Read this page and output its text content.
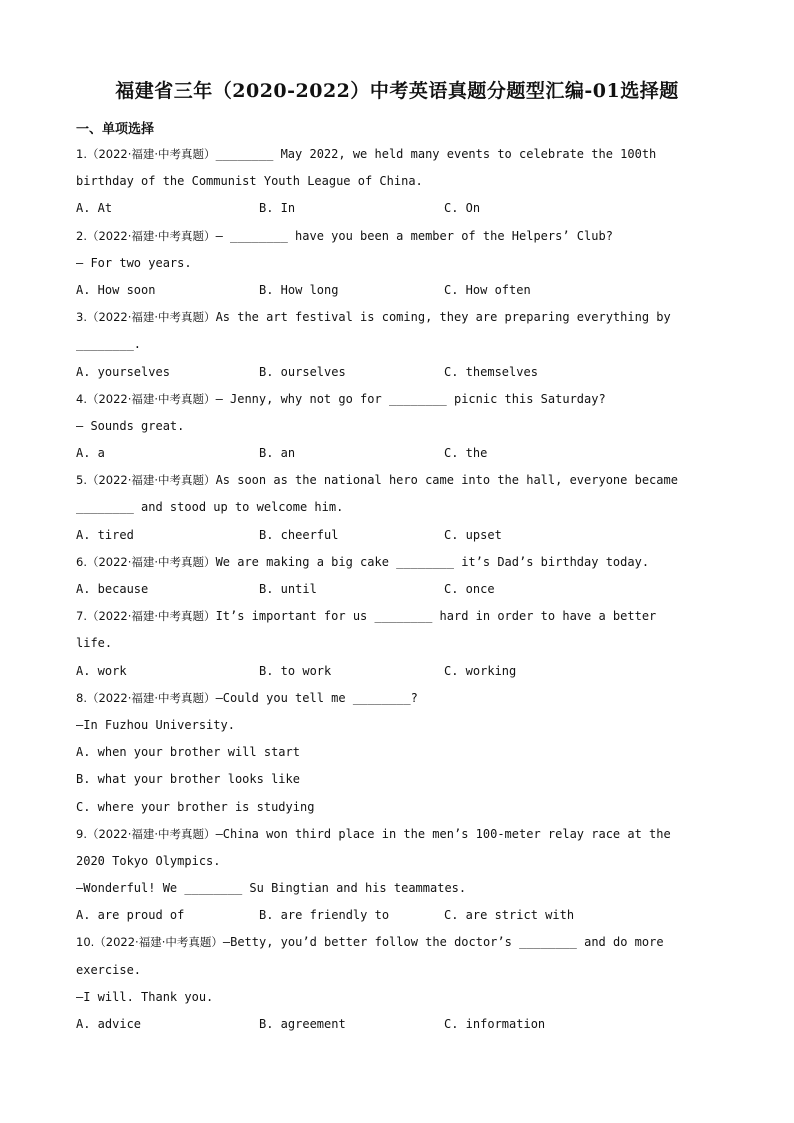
福建省三年（2020-2022）中考英语真题分题型汇编-01选择题
一、单项选择
1.（2022·福建·中考真题）________ May 2022, we held many events to celebrate the 100th
birthday of the Communist Youth League of China.
A. At	B. In	C. On
2.（2022·福建·中考真题）— ________ have you been a member of the Helpers’ Club?
— For two years.
A. How soon	B. How long	C. How often
3.（2022·福建·中考真题）As the art festival is coming, they are preparing everything by
________.
A. yourselves	B. ourselves	C. themselves
4.（2022·福建·中考真题）— Jenny, why not go for ________ picnic this Saturday?
— Sounds great.
A. a	B. an	C. the
5.（2022·福建·中考真题）As soon as the national hero came into the hall, everyone became
________ and stood up to welcome him.
A. tired	B. cheerful	C. upset
6.（2022·福建·中考真题）We are making a big cake ________ it’s Dad’s birthday today.
A. because	B. until	C. once
7.（2022·福建·中考真题）It’s important for us ________ hard in order to have a better
life.
A. work	B. to work	C. working
8.（2022·福建·中考真题）—Could you tell me ________?
—In Fuzhou University.
A. when your brother will start
B. what your brother looks like
C. where your brother is studying
9.（2022·福建·中考真题）—China won third place in the men’s 100-meter relay race at the
2020 Tokyo Olympics.
—Wonderful! We ________ Su Bingtian and his teammates.
A. are proud of	B. are friendly to	C. are strict with
10.（2022·福建·中考真题）—Betty, you’d better follow the doctor’s ________ and do more
exercise.
—I will. Thank you.
A. advice	B. agreement	C. information
